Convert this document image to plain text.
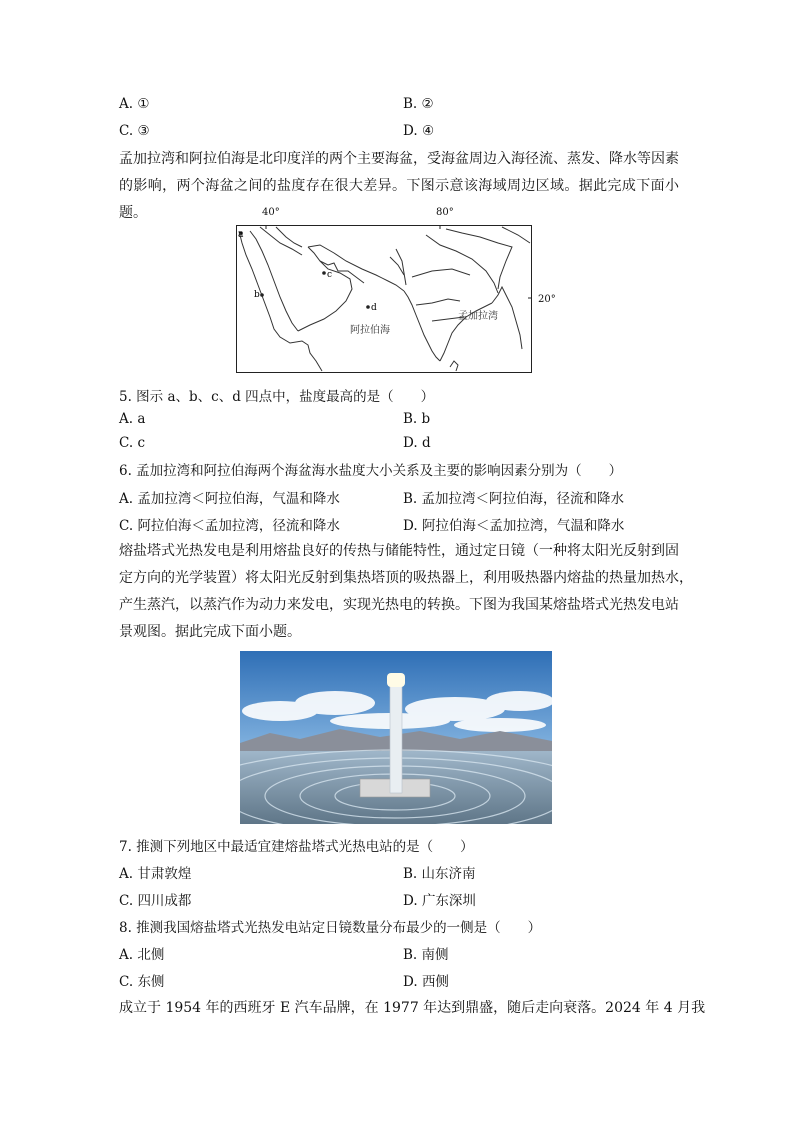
A. ①	B. ②
C. ③	D. ④
孟加拉湾和阿拉伯海是北印度洋的两个主要海盆，受海盆周边入海径流、蒸发、降水等因素的影响，两个海盆之间的盐度存在很大差异。下图示意该海域周边区域。据此完成下面小题。	40°	80°
20°
a
b
c
d
阿拉伯海
孟加拉湾
5. 图示 a、b、c、d 四点中，盐度最高的是（　　）
A. a	B. b
C. c	D. d
6. 孟加拉湾和阿拉伯海两个海盆海水盐度大小关系及主要的影响因素分别为（　　）
A. 孟加拉湾＜阿拉伯海，气温和降水	B. 孟加拉湾＜阿拉伯海，径流和降水
C. 阿拉伯海＜孟加拉湾，径流和降水	D. 阿拉伯海＜孟加拉湾，气温和降水
熔盐塔式光热发电是利用熔盐良好的传热与储能特性，通过定日镜（一种将太阳光反射到固
定方向的光学装置）将太阳光反射到集热塔顶的吸热器上，利用吸热器内熔盐的热量加热水，
产生蒸汽，以蒸汽作为动力来发电，实现光热电的转换。下图为我国某熔盐塔式光热发电站
景观图。据此完成下面小题。
7. 推测下列地区中最适宜建熔盐塔式光热电站的是（　　）
A. 甘肃敦煌	B. 山东济南
C. 四川成都	D. 广东深圳
8. 推测我国熔盐塔式光热发电站定日镜数量分布最少的一侧是（　　）
A. 北侧	B. 南侧
C. 东侧	D. 西侧
成立于 1954 年的西班牙 E 汽车品牌，在 1977 年达到鼎盛，随后走向衰落。2024 年 4 月我
